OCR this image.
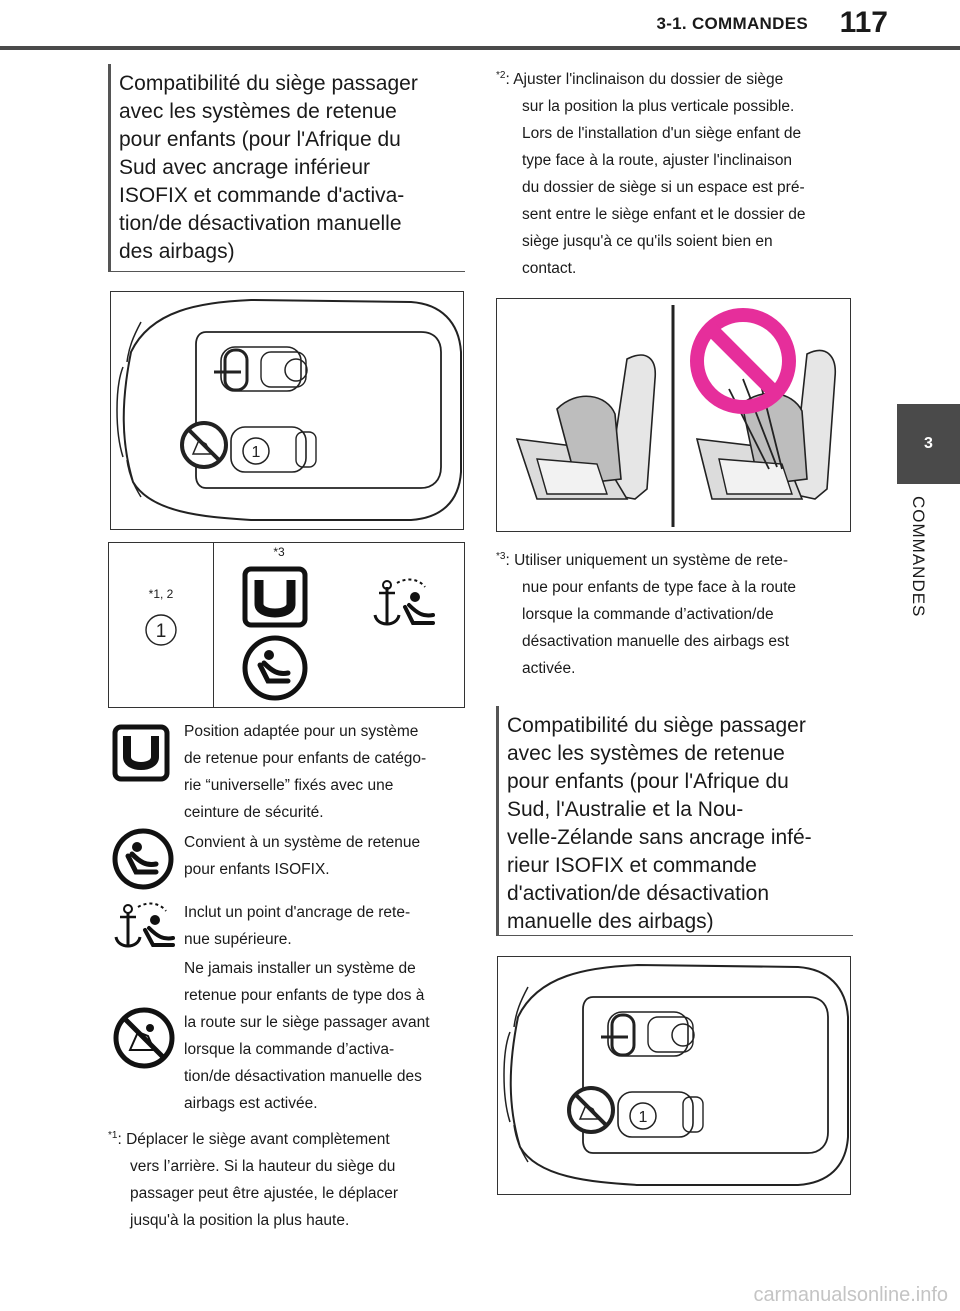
3-1. COMMANDES	117
3
COMMANDES
Compatibilité du siège passager
avec les systèmes de retenue
pour enfants (pour l'Afrique du
Sud avec ancrage inférieur
ISOFIX et commande d'activa-
tion/de désactivation manuelle
des airbags)
1
*1, 2
1
*3
Position adaptée pour un système
de retenue pour enfants de catégo-
rie “universelle” fixés avec une
ceinture de sécurité.
Convient à un système de retenue
pour enfants ISOFIX.
Inclut un point d'ancrage de rete-
nue supérieure.
Ne jamais installer un système de
retenue pour enfants de type dos à
la route sur le siège passager avant
lorsque la commande d’activa-
tion/de désactivation manuelle des
airbags est activée.
$^{*1}$: Déplacer le siège avant complètement
vers l’arrière. Si la hauteur du siège du
passager peut être ajustée, le déplacer
jusqu'à la position la plus haute.
$^{*2}$: Ajuster l'inclinaison du dossier de siège
sur la position la plus verticale possible.
Lors de l'installation d'un siège enfant de
type face à la route, ajuster l'inclinaison
du dossier de siège si un espace est pré-
sent entre le siège enfant et le dossier de
siège jusqu'à ce qu'ils soient bien en
contact.
$^{*3}$: Utiliser uniquement un système de rete-
nue pour enfants de type face à la route
lorsque la commande d’activation/de
désactivation manuelle des airbags est
activée.
Compatibilité du siège passager
avec les systèmes de retenue
pour enfants (pour l'Afrique du
Sud, l'Australie et la Nou-
velle-Zélande sans ancrage infé-
rieur ISOFIX et commande
d'activation/de désactivation
manuelle des airbags)
1
carmanualsonline.info
